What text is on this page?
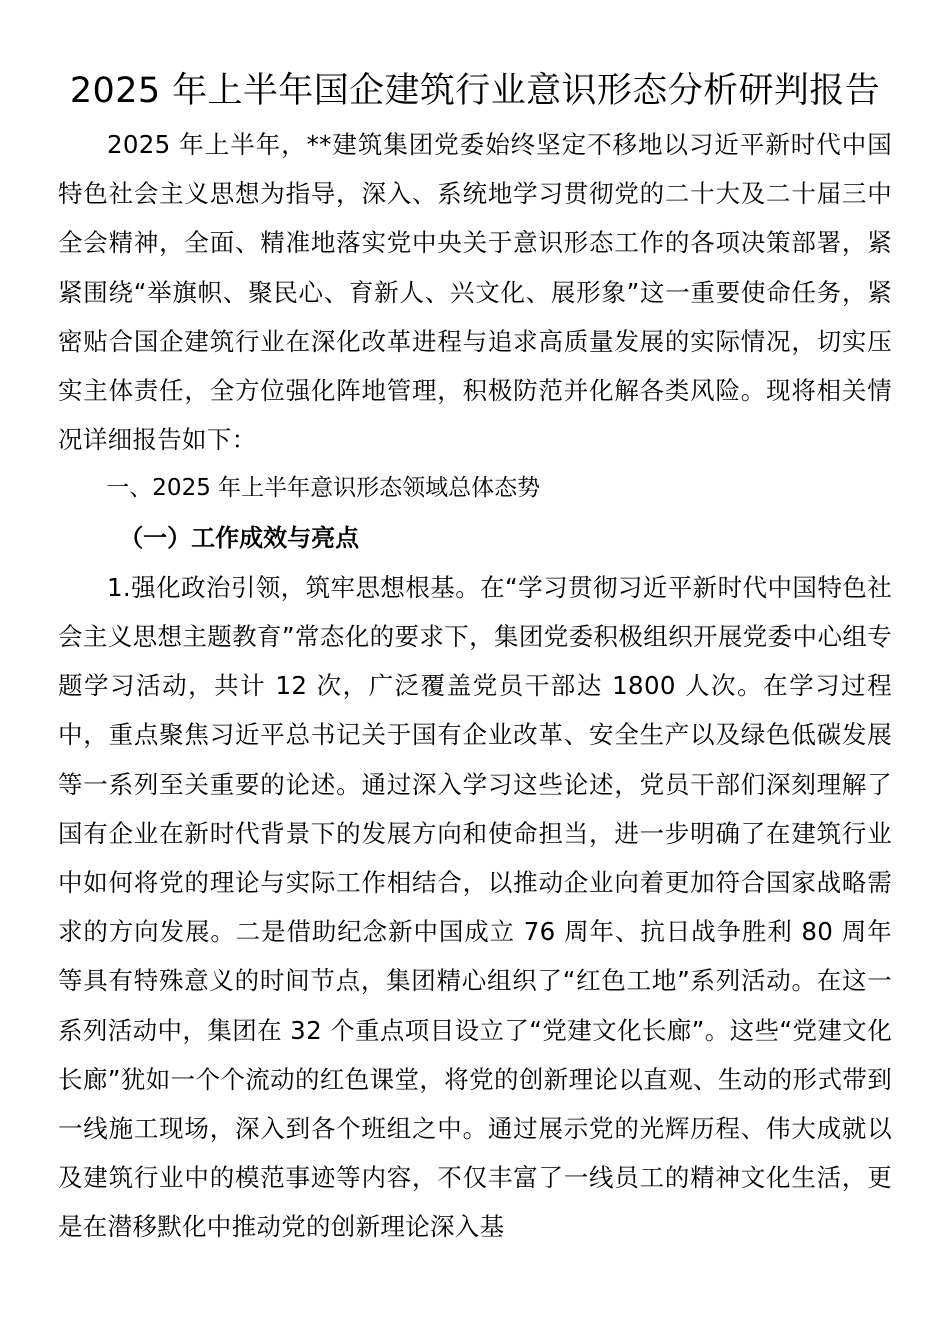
2025 年上半年国企建筑行业意识形态分析研判报告

2025 年上半年，**建筑集团党委始终坚定不移地以习近平新时代中国特色社会主义思想为指导，深入、系统地学习贯彻党的二十大及二十届三中全会精神，全面、精准地落实党中央关于意识形态工作的各项决策部署，紧紧围绕“举旗帜、聚民心、育新人、兴文化、展形象”这一重要使命任务，紧密贴合国企建筑行业在深化改革进程与追求高质量发展的实际情况，切实压实主体责任，全方位强化阵地管理，积极防范并化解各类风险。现将相关情况详细报告如下：

一、2025 年上半年意识形态领域总体态势

（一）工作成效与亮点

1.强化政治引领，筑牢思想根基。在“学习贯彻习近平新时代中国特色社会主义思想主题教育”常态化的要求下，集团党委积极组织开展党委中心组专题学习活动，共计 12 次，广泛覆盖党员干部达 1800 人次。在学习过程中，重点聚焦习近平总书记关于国有企业改革、安全生产以及绿色低碳发展等一系列至关重要的论述。通过深入学习这些论述，党员干部们深刻理解了国有企业在新时代背景下的发展方向和使命担当，进一步明确了在建筑行业中如何将党的理论与实际工作相结合，以推动企业向着更加符合国家战略需求的方向发展。二是借助纪念新中国成立 76 周年、抗日战争胜利 80 周年等具有特殊意义的时间节点，集团精心组织了“红色工地”系列活动。在这一系列活动中，集团在 32 个重点项目设立了“党建文化长廊”。这些“党建文化长廊”犹如一个个流动的红色课堂，将党的创新理论以直观、生动的形式带到一线施工现场，深入到各个班组之中。通过展示党的光辉历程、伟大成就以及建筑行业中的模范事迹等内容，不仅丰富了一线员工的精神文化生活，更是在潜移默化中推动党的创新理论深入基
